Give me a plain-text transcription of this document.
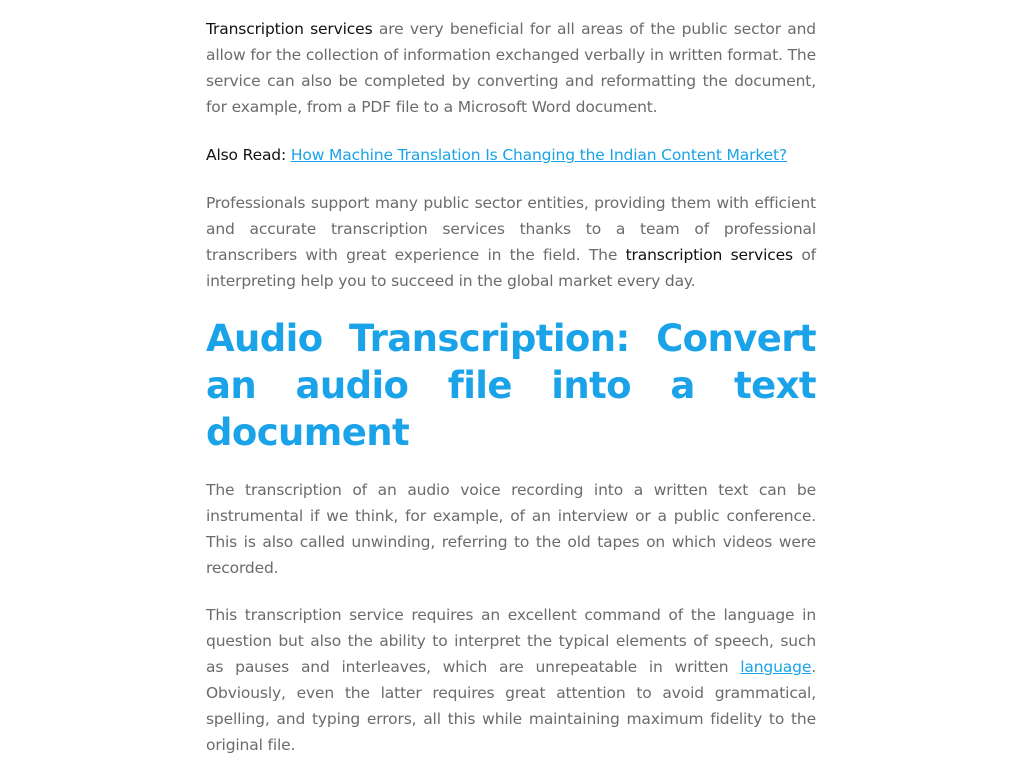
Transcription services are very beneficial for all areas of the public sector and allow for the collection of information exchanged verbally in written format. The service can also be completed by converting and reformatting the document, for example, from a PDF file to a Microsoft Word document.

Also Read: How Machine Translation Is Changing the Indian Content Market?

Professionals support many public sector entities, providing them with efficient and accurate transcription services thanks to a team of professional transcribers with great experience in the field. The transcription services of interpreting help you to succeed in the global market every day.

Audio Transcription: Convert an audio file into a text document

The transcription of an audio voice recording into a written text can be instrumental if we think, for example, of an interview or a public conference. This is also called unwinding, referring to the old tapes on which videos were recorded.

This transcription service requires an excellent command of the language in question but also the ability to interpret the typical elements of speech, such as pauses and interleaves, which are unrepeatable in written language. Obviously, even the latter requires great attention to avoid grammatical, spelling, and typing errors, all this while maintaining maximum fidelity to the original file.
